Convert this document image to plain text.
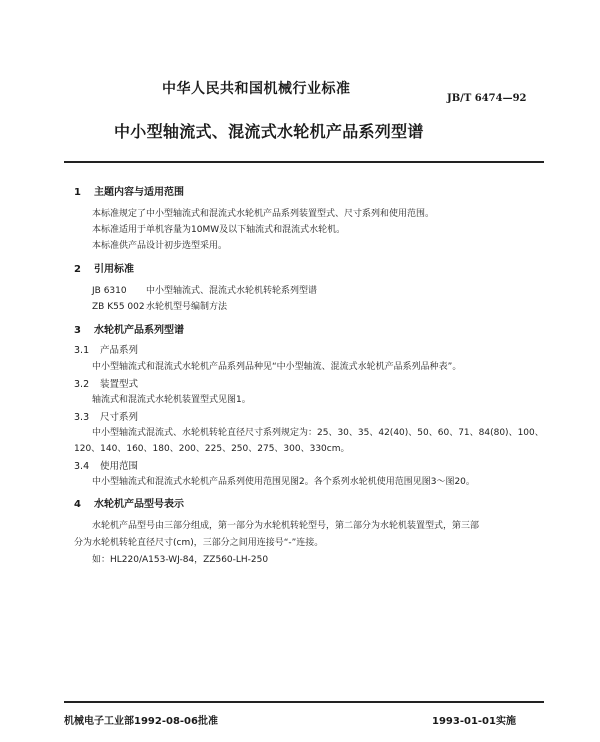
中华人民共和国机械行业标准
JB/T 6474—92
中小型轴流式、混流式水轮机产品系列型谱
1 主题内容与适用范围
本标准规定了中小型轴流式和混流式水轮机产品系列装置型式、尺寸系列和使用范围。
本标准适用于单机容量为10MW及以下轴流式和混流式水轮机。
本标准供产品设计初步选型采用。
2 引用标准
JB 6310 中小型轴流式、混流式水轮机转轮系列型谱
ZB K55 002水轮机型号编制方法
3 水轮机产品系列型谱
3.1 产品系列
中小型轴流式和混流式水轮机产品系列品种见“中小型轴流、混流式水轮机产品系列品种表”。
3.2 装置型式
轴流式和混流式水轮机装置型式见图1。
3.3 尺寸系列
中小型轴流式混流式、水轮机转轮直径尺寸系列规定为：25、30、35、42(40)、50、60、71、84(80)、100、
120、140、160、180、200、225、250、275、300、330cm。
3.4 使用范围
中小型轴流式和混流式水轮机产品系列使用范围见图2。各个系列水轮机使用范围见图3～图20。
4 水轮机产品型号表示
水轮机产品型号由三部分组成，第一部分为水轮机转轮型号，第二部分为水轮机装置型式，第三部
分为水轮机转轮直径尺寸(cm)，三部分之间用连接号“-”连接。
如：HL220/A153-WJ-84，ZZ560-LH-250
机械电子工业部1992-08-06批准	1993-01-01实施
